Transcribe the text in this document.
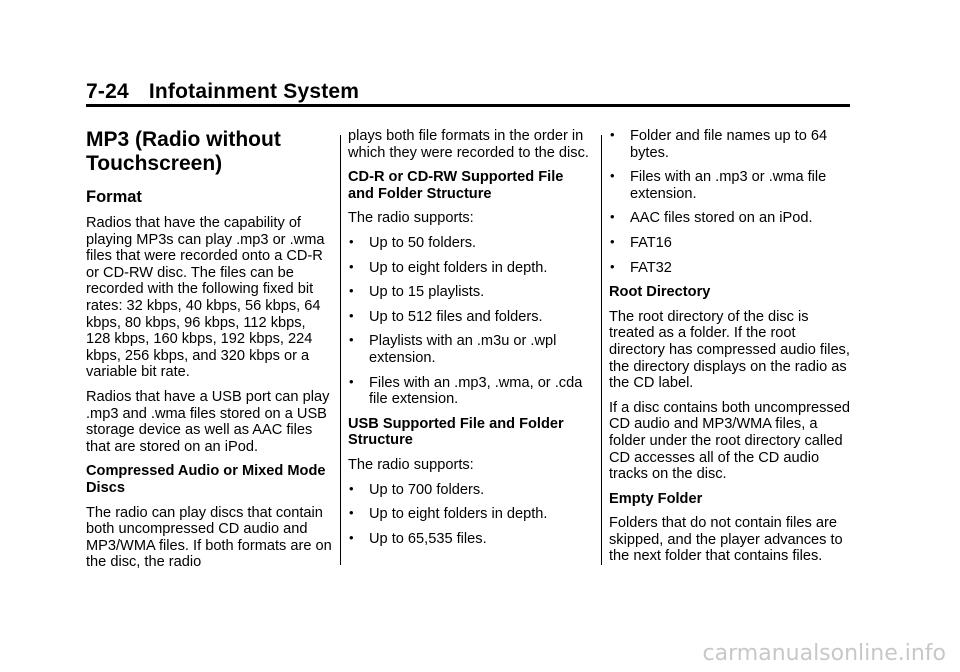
7-24 Infotainment System
MP3 (Radio without Touchscreen)
Format

Radios that have the capability of playing MP3s can play .mp3 or .wma files that were recorded onto a CD-R or CD-RW disc. The files can be recorded with the following fixed bit rates: 32 kbps, 40 kbps, 56 kbps, 64 kbps, 80 kbps, 96 kbps, 112 kbps, 128 kbps, 160 kbps, 192 kbps, 224 kbps, 256 kbps, and 320 kbps or a variable bit rate.

Radios that have a USB port can play .mp3 and .wma files stored on a USB storage device as well as AAC files that are stored on an iPod.

Compressed Audio or Mixed Mode Discs

The radio can play discs that contain both uncompressed CD audio and MP3/WMA files. If both formats are on the disc, the radio

plays both file formats in the order in which they were recorded to the disc.

CD-R or CD-RW Supported File and Folder Structure

The radio supports:

• Up to 50 folders.
• Up to eight folders in depth.
• Up to 15 playlists.
• Up to 512 files and folders.
• Playlists with an .m3u or .wpl extension.
• Files with an .mp3, .wma, or .cda file extension.
USB Supported File and Folder Structure

The radio supports:

• Up to 700 folders.
• Up to eight folders in depth.
• Up to 65,535 files.
• Folder and file names up to 64 bytes.
• Files with an .mp3 or .wma file extension.
• AAC files stored on an iPod.
• FAT16
• FAT32
Root Directory

The root directory of the disc is treated as a folder. If the root directory has compressed audio files, the directory displays on the radio as the CD label.

If a disc contains both uncompressed CD audio and MP3/WMA files, a folder under the root directory called CD accesses all of the CD audio tracks on the disc.

Empty Folder

Folders that do not contain files are skipped, and the player advances to the next folder that contains files.

carmanualsonline.info
